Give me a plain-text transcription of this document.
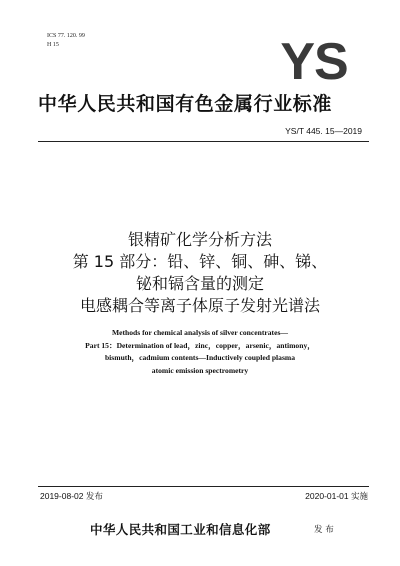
ICS 77. 120. 99
H 15	YS
中华人民共和国有色金属行业标准
YS/T 445. 15—2019
银精矿化学分析方法
第 15 部分：铅、锌、铜、砷、锑、
铋和镉含量的测定
电感耦合等离子体原子发射光谱法
Methods for chemical analysis of silver concentrates—
Part 15：Determination of lead，zinc，copper，arsenic，antimony，
bismuth，cadmium contents—Inductively coupled plasma
atomic emission spectrometry
2019-08-02 发布	2020-01-01 实施
中华人民共和国工业和信息化部	发 布
